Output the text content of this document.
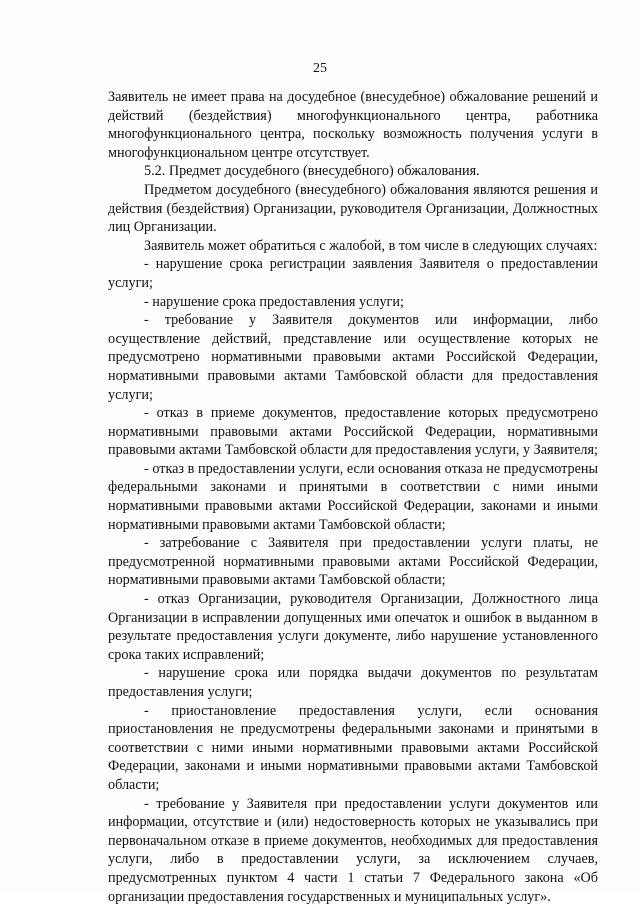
25

Заявитель не имеет права на досудебное (внесудебное) обжалование решений и действий (бездействия) многофункционального центра, работника многофункционального центра, поскольку возможность получения услуги в многофункциональном центре отсутствует.

5.2. Предмет досудебного (внесудебного) обжалования.

Предметом досудебного (внесудебного) обжалования являются решения и действия (бездействия) Организации, руководителя Организации, Должностных лиц Организации.

Заявитель может обратиться с жалобой, в том числе в следующих случаях:

- нарушение срока регистрации заявления Заявителя о предоставлении услуги;

- нарушение срока предоставления услуги;

- требование у Заявителя документов или информации, либо осуществление действий, представление или осуществление которых не предусмотрено нормативными правовыми актами Российской Федерации, нормативными правовыми актами Тамбовской области для предоставления услуги;

- отказ в приеме документов, предоставление которых предусмотрено нормативными правовыми актами Российской Федерации, нормативными правовыми актами Тамбовской области для предоставления услуги, у Заявителя;

- отказ в предоставлении услуги, если основания отказа не предусмотрены федеральными законами и принятыми в соответствии с ними иными нормативными правовыми актами Российской Федерации, законами и иными нормативными правовыми актами Тамбовской области;

- затребование с Заявителя при предоставлении услуги платы, не предусмотренной нормативными правовыми актами Российской Федерации, нормативными правовыми актами Тамбовской области;

- отказ Организации, руководителя Организации, Должностного лица Организации в исправлении допущенных ими опечаток и ошибок в выданном в результате предоставления услуги документе, либо нарушение установленного срока таких исправлений;

- нарушение срока или порядка выдачи документов по результатам предоставления услуги;

- приостановление предоставления услуги, если основания приостановления не предусмотрены федеральными законами и принятыми в соответствии с ними иными нормативными правовыми актами Российской Федерации, законами и иными нормативными правовыми актами Тамбовской области;

- требование у Заявителя при предоставлении услуги документов или информации, отсутствие и (или) недостоверность которых не указывались при первоначальном отказе в приеме документов, необходимых для предоставления услуги, либо в предоставлении услуги, за исключением случаев, предусмотренных пунктом 4 части 1 статьи 7 Федерального закона «Об организации предоставления государственных и муниципальных услуг».
